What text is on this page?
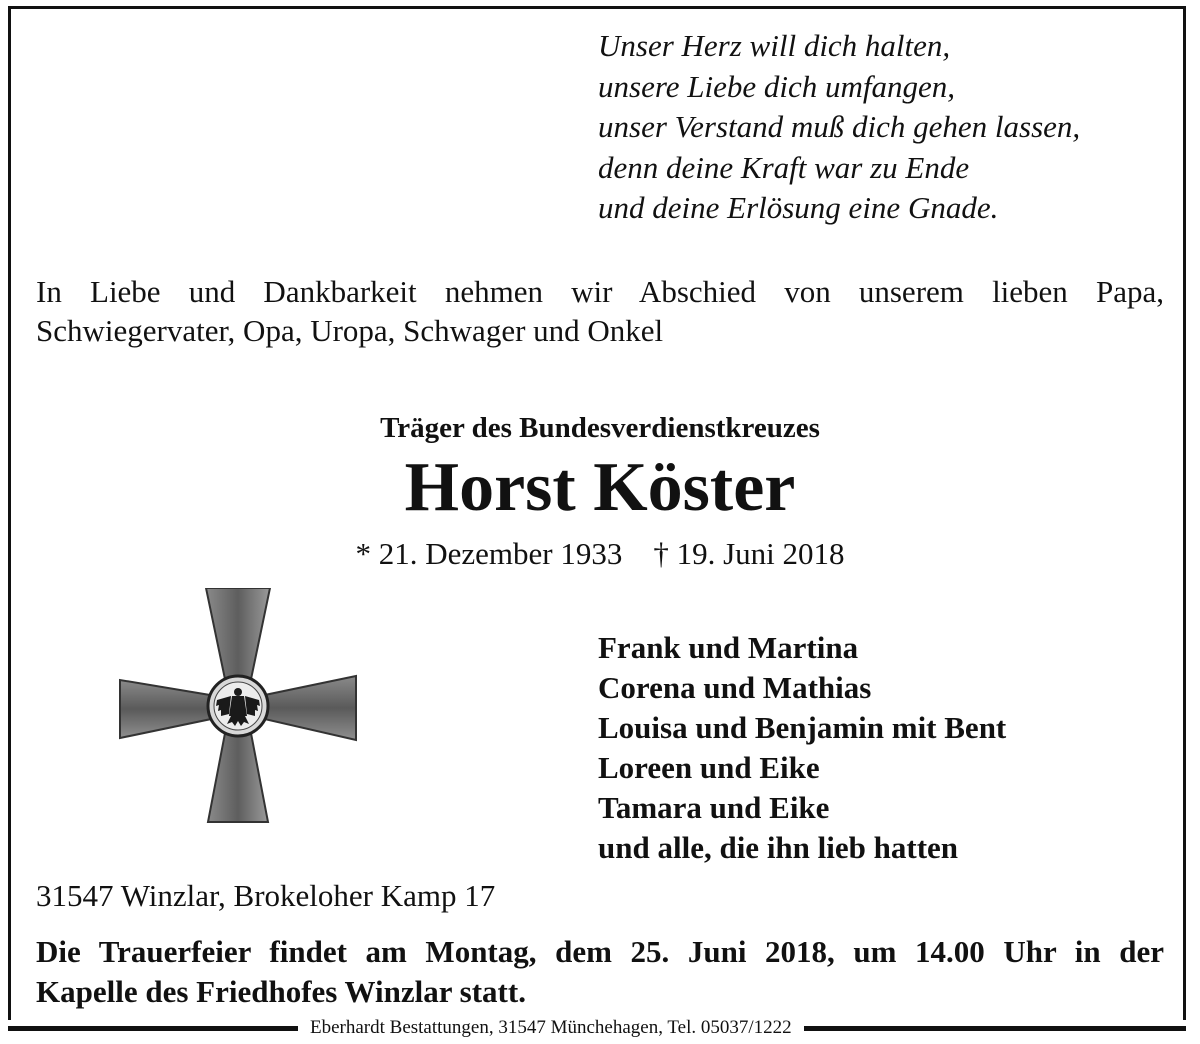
Unser Herz will dich halten,
unsere Liebe dich umfangen,
unser Verstand muß dich gehen lassen,
denn deine Kraft war zu Ende
und deine Erlösung eine Gnade.
In Liebe und Dankbarkeit nehmen wir Abschied von unserem lieben Papa,
Schwiegervater, Opa, Uropa, Schwager und Onkel
Träger des Bundesverdienstkreuzes
Horst Köster
* 21. Dezember 1933 † 19. Juni 2018
Frank und Martina
Corena und Mathias
Louisa und Benjamin mit Bent
Loreen und Eike
Tamara und Eike
und alle, die ihn lieb hatten
31547 Winzlar, Brokeloher Kamp 17
Die Trauerfeier findet am Montag, dem 25. Juni 2018, um 14.00 Uhr in der
Kapelle des Friedhofes Winzlar statt.
Eberhardt Bestattungen, 31547 Münchehagen, Tel. 05037/1222
